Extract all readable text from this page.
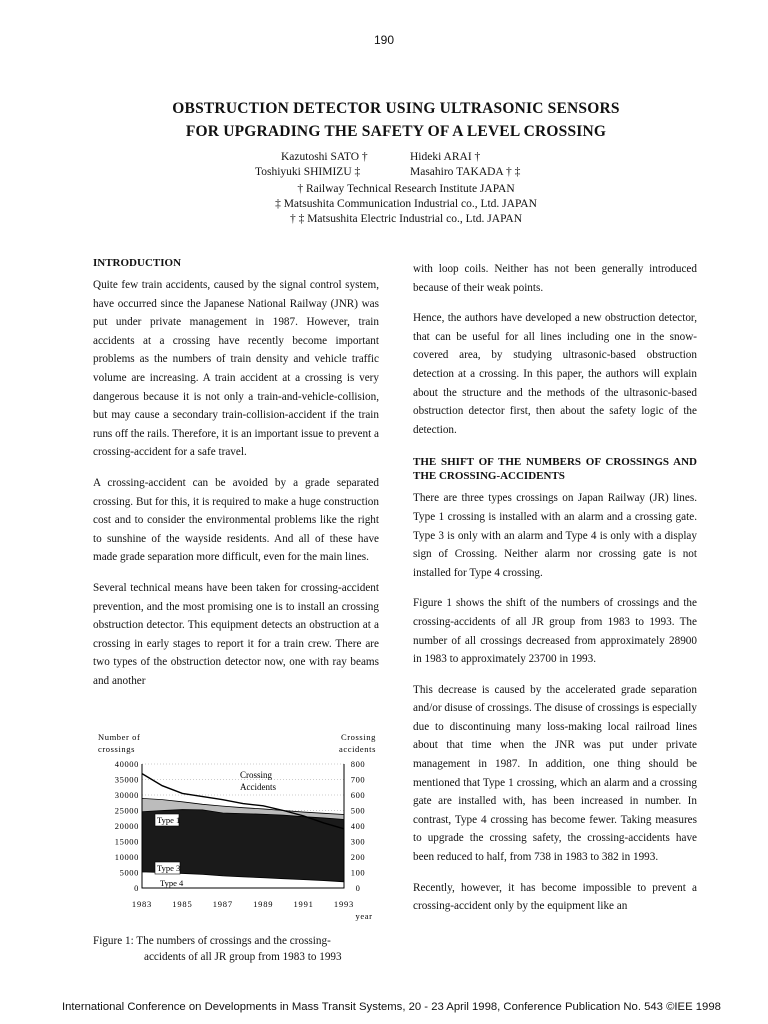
190
OBSTRUCTION DETECTOR USING ULTRASONIC SENSORS
FOR UPGRADING THE SAFETY OF A LEVEL CROSSING
Kazutoshi SATO †	Hideki ARAI †
Toshiyuki SHIMIZU ‡	Masahiro TAKADA † ‡
† Railway Technical Research Institute JAPAN
‡ Matsushita Communication Industrial co., Ltd. JAPAN
† ‡ Matsushita Electric Industrial co., Ltd. JAPAN
INTRODUCTION

Quite few train accidents, caused by the signal control system, have occurred since the Japanese National Railway (JNR) was put under private management in 1987. However, train accidents at a crossing have recently become important problems as the numbers of train density and vehicle traffic volume are increasing. A train accident at a crossing is very dangerous because it is not only a train-and-vehicle-collision, but may cause a secondary train-collision-accident if the train runs off the rails. Therefore, it is an important issue to prevent a crossing-accident for a safe travel.

A crossing-accident can be avoided by a grade separated crossing. But for this, it is required to make a huge construction cost and to consider the environmental problems like the right to sunshine of the wayside residents. And all of these have made grade separation more difficult, even for the main lines.

Several technical means have been taken for crossing-accident prevention, and the most promising one is to install an crossing obstruction detector. This equipment detects an obstruction at a crossing in early stages to report it for a train crew. There are two types of the obstruction detector now, one with ray beams and another

40000
35000
30000
25000
20000
15000
10000
5000
0
800
700
600
500
400
300
200
100
0
1983 1985 1987 1989 1991 1993
Number of
crossings
Crossing
accidents
year
Crossing
Accidents
Type 1
Type 3
Type 4
Figure 1: The numbers of crossings and the crossing-
accidents of all JR group from 1983 to 1993

with loop coils. Neither has not been generally introduced because of their weak points.

Hence, the authors have developed a new obstruction detector, that can be useful for all lines including one in the snow-covered area, by studying ultrasonic-based obstruction detection at a crossing. In this paper, the authors will explain about the structure and the methods of the ultrasonic-based obstruction detector first, then about the safety logic of the detection.

THE SHIFT OF THE NUMBERS OF CROSSINGS AND THE CROSSING-ACCIDENTS

There are three types crossings on Japan Railway (JR) lines. Type 1 crossing is installed with an alarm and a crossing gate. Type 3 is only with an alarm and Type 4 is only with a display sign of Crossing. Neither alarm nor crossing gate is not installed for Type 4 crossing.

Figure 1 shows the shift of the numbers of crossings and the crossing-accidents of all JR group from 1983 to 1993. The number of all crossings decreased from approximately 28900 in 1983 to approximately 23700 in 1993.

This decrease is caused by the accelerated grade separation and/or disuse of crossings. The disuse of crossings is especially due to discontinuing many loss-making local railroad lines about that time when the JNR was put under private management in 1987. In addition, one thing should be mentioned that Type 1 crossing, which an alarm and a crossing gate are installed with, has been increased in number. In contrast, Type 4 crossing has become fewer. Taking measures to upgrade the crossing safety, the crossing-accidents have been reduced to half, from 738 in 1983 to 382 in 1993.

Recently, however, it has become impossible to prevent a crossing-accident only by the equipment like an

International Conference on Developments in Mass Transit Systems, 20 - 23 April 1998, Conference Publication No. 543 ©IEE 1998
